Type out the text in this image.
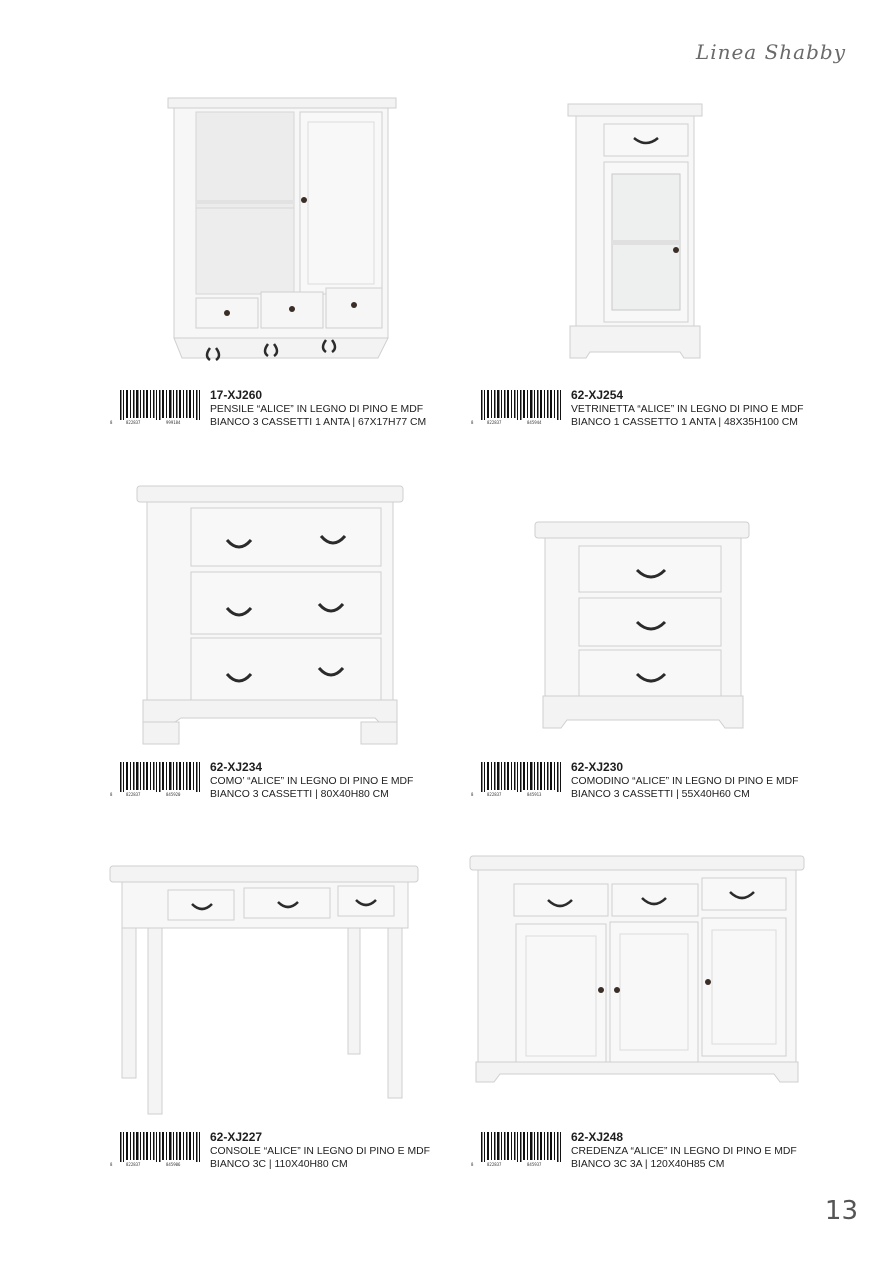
Linea Shabby
8	822837	999184
17-XJ260
PENSILE “ALICE” IN LEGNO DI PINO E MDF
BIANCO 3 CASSETTI 1 ANTA | 67X17H77 CM	8	822837	845944
62-XJ254
VETRINETTA “ALICE” IN LEGNO DI PINO E MDF
BIANCO 1 CASSETTO 1 ANTA | 48X35H100 CM
8	822837	845920
62-XJ234
COMO’ “ALICE” IN LEGNO DI PINO E MDF
BIANCO 3 CASSETTI | 80X40H80 CM	8	822837	845913
62-XJ230
COMODINO “ALICE” IN LEGNO DI PINO E MDF
BIANCO 3 CASSETTI | 55X40H60 CM
8	822837	845906
62-XJ227
CONSOLE “ALICE” IN LEGNO DI PINO E MDF
BIANCO 3C | 110X40H80 CM	8	822837	845937
62-XJ248
CREDENZA “ALICE” IN LEGNO DI PINO E MDF
BIANCO 3C 3A | 120X40H85 CM
13
